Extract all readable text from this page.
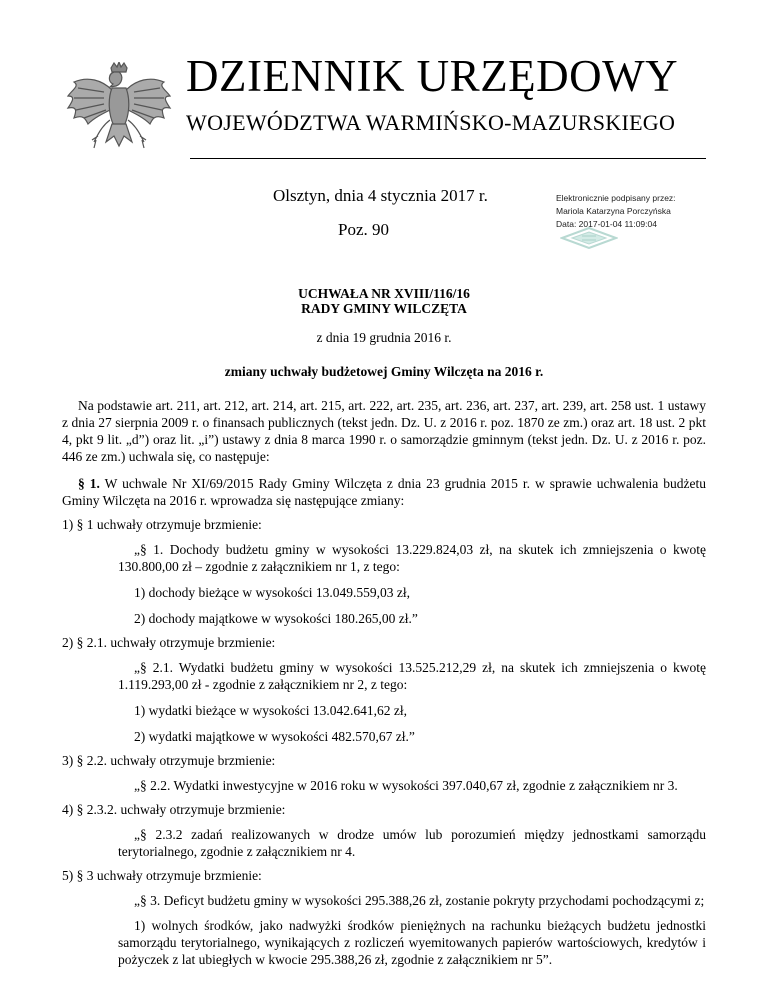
DZIENNIK URZĘDOWY
WOJEWÓDZTWA WARMIŃSKO-MAZURSKIEGO
Olsztyn, dnia 4 stycznia 2017 r.
Poz. 90
Elektronicznie podpisany przez:
Mariola Katarzyna Porczyńska
Data: 2017-01-04 11:09:04
UCHWAŁA NR XVIII/116/16
RADY GMINY WILCZĘTA
z dnia 19 grudnia 2016 r.
zmiany uchwały budżetowej Gminy Wilczęta na 2016 r.

Na podstawie art. 211, art. 212, art. 214, art. 215, art. 222, art. 235, art. 236, art. 237, art. 239, art. 258 ust. 1 ustawy z dnia 27 sierpnia 2009 r. o finansach publicznych (tekst jedn. Dz. U. z 2016 r. poz. 1870 ze zm.) oraz art. 18 ust. 2 pkt 4, pkt 9 lit. „d”) oraz lit. „i”) ustawy z dnia 8 marca 1990 r. o samorządzie gminnym (tekst jedn. Dz. U. z 2016 r. poz. 446 ze zm.) uchwala się, co następuje:

§ 1. W uchwale Nr XI/69/2015 Rady Gminy Wilczęta z dnia 23 grudnia 2015 r. w sprawie uchwalenia budżetu Gminy Wilczęta na 2016 r. wprowadza się następujące zmiany:

1) § 1 uchwały otrzymuje brzmienie:

„§ 1. Dochody budżetu gminy w wysokości 13.229.824,03 zł, na skutek ich zmniejszenia o kwotę 130.800,00 zł – zgodnie z załącznikiem nr 1, z tego:

1) dochody bieżące w wysokości 13.049.559,03 zł,

2) dochody majątkowe w wysokości 180.265,00 zł.”

2) § 2.1. uchwały otrzymuje brzmienie:

„§ 2.1. Wydatki budżetu gminy w wysokości 13.525.212,29 zł, na skutek ich zmniejszenia o kwotę 1.119.293,00 zł - zgodnie z załącznikiem nr 2, z tego:

1) wydatki bieżące w wysokości 13.042.641,62 zł,

2) wydatki majątkowe w wysokości 482.570,67 zł.”

3) § 2.2. uchwały otrzymuje brzmienie:

„§ 2.2. Wydatki inwestycyjne w 2016 roku w wysokości 397.040,67 zł, zgodnie z załącznikiem nr 3.

4) § 2.3.2. uchwały otrzymuje brzmienie:

„§ 2.3.2 zadań realizowanych w drodze umów lub porozumień między jednostkami samorządu terytorialnego, zgodnie z załącznikiem nr 4.

5) § 3 uchwały otrzymuje brzmienie:

„§ 3. Deficyt budżetu gminy w wysokości 295.388,26 zł, zostanie pokryty przychodami pochodzącymi z;

1) wolnych środków, jako nadwyżki środków pieniężnych na rachunku bieżących budżetu jednostki samorządu terytorialnego, wynikających z rozliczeń wyemitowanych papierów wartościowych, kredytów i pożyczek z lat ubiegłych w kwocie 295.388,26 zł, zgodnie z załącznikiem nr 5”.
